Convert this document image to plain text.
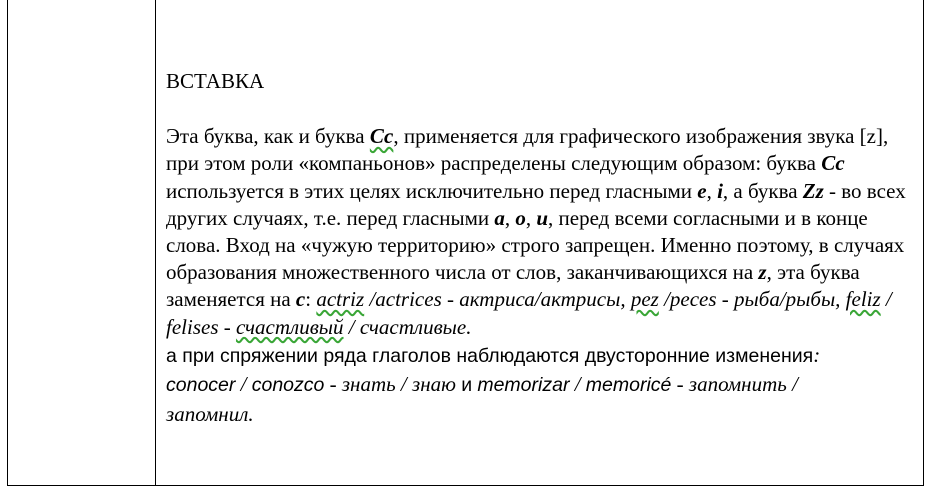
ВСТАВКА

Эта буква, как и буква Сс, применяется для графического изображения звука [z], при этом роли «компаньонов» распределены следующим образом: буква Сс используется в этих целях исключительно перед гласными е, i, а буква Zz - во всех других случаях, т.е. перед гласными a, o, u, перед всеми согласными и в конце слова. Вход на «чужую территорию» строго запрещен. Именно поэтому, в случаях образования множественного числа от слов, заканчивающихся на z, эта буква заменяется на c: actriz /actrices - актриса/актрисы, pez /peces - рыба/рыбы, feliz / felises - счастливый / счастливые.

а при спряжении ряда глаголов наблюдаются двусторонние изменения:
conocer / conozco - знать / знаю и memorizar / memoricé - запомнить /
запомнил.
